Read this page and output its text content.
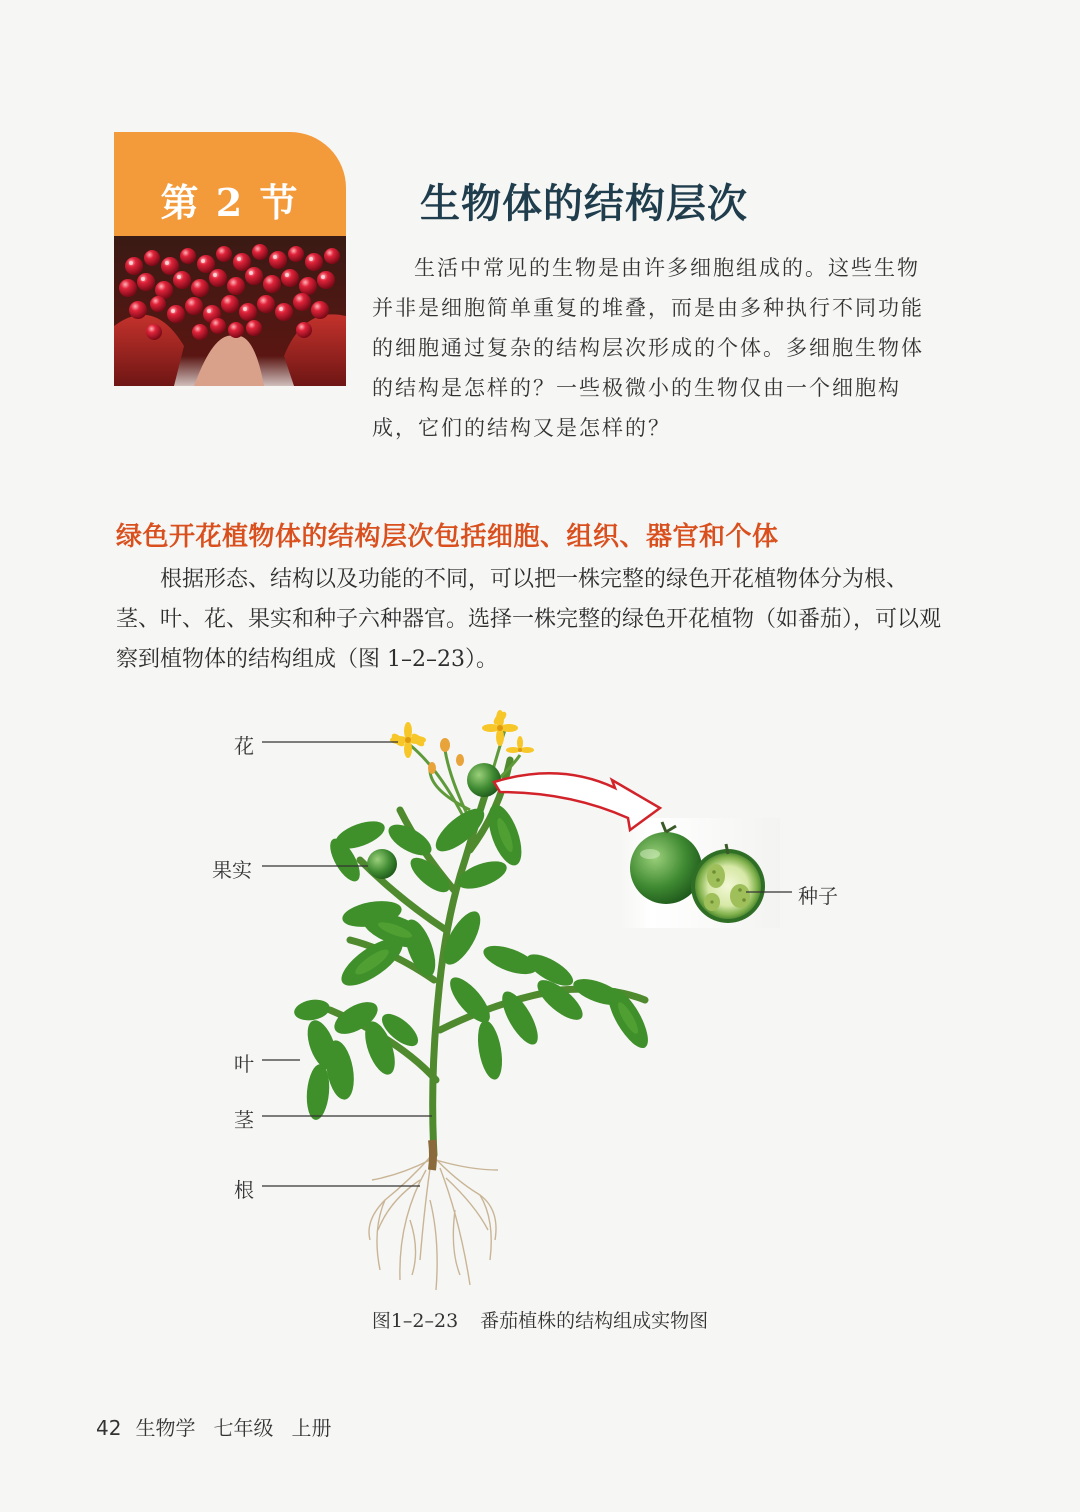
第 2 节	生物体的结构层次

生活中常见的生物是由许多细胞组成的。这些生物并非是细胞简单重复的堆叠，而是由多种执行不同功能的细胞通过复杂的结构层次形成的个体。多细胞生物体的结构是怎样的？一些极微小的生物仅由一个细胞构成，它们的结构又是怎样的？

绿色开花植物体的结构层次包括细胞、组织、器官和个体

根据形态、结构以及功能的不同，可以把一株完整的绿色开花植物体分为根、茎、叶、花、果实和种子六种器官。选择一株完整的绿色开花植物（如番茄），可以观察到植物体的结构组成（图 1–2–23）。

花
果实
叶
茎
根
种子
图1–2–23 番茄植株的结构组成实物图
42 生物学 七年级 上册
